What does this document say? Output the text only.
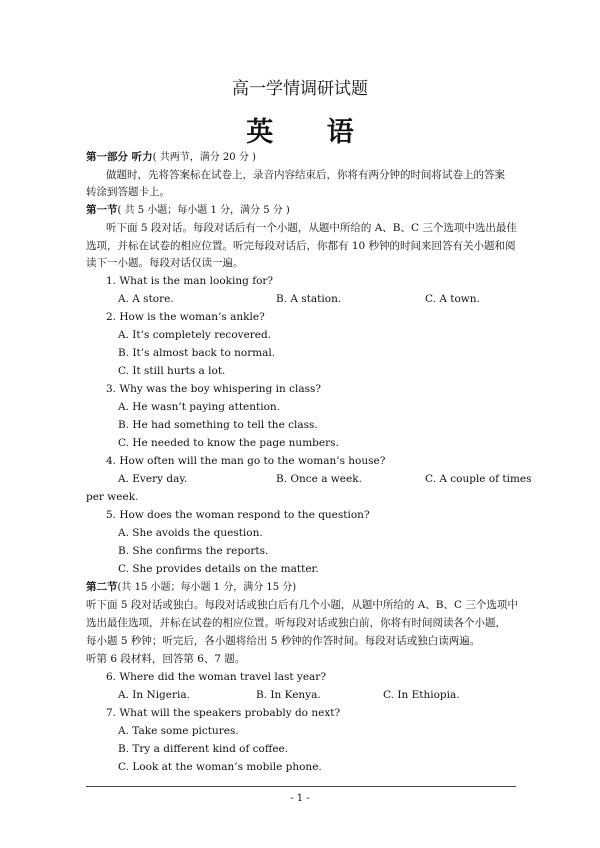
高一学情调研试题
英 语
第一部分 听力( 共两节，满分 20 分 )
做题时，先将答案标在试卷上，录音内容结束后，你将有两分钟的时间将试卷上的答案
转涂到答题卡上。
第一节( 共 5 小题；每小题 1 分，满分 5 分 )
听下面 5 段对话。每段对话后有一个小题，从题中所给的 A、B、C 三个选项中选出最佳
选项，并标在试卷的相应位置。听完每段对话后，你都有 10 秒钟的时间来回答有关小题和阅
读下一小题。每段对话仅读一遍。
1. What is the man looking for?
A. A store.	B. A station.	C. A town.
2. How is the woman’s ankle?
A. It’s completely recovered.
B. It’s almost back to normal.
C. It still hurts a lot.
3. Why was the boy whispering in class?
A. He wasn’t paying attention.
B. He had something to tell the class.
C. He needed to know the page numbers.
4. How often will the man go to the woman’s house?
A. Every day.	B. Once a week.	C. A couple of times
per week.
5. How does the woman respond to the question?
A. She avoids the question.
B. She confirms the reports.
C. She provides details on the matter.
第二节(共 15 小题；每小题 1 分，满分 15 分)
听下面 5 段对话或独白。每段对话或独白后有几个小题，从题中所给的 A、B、C 三个选项中
选出最佳选项，并标在试卷的相应位置。听每段对话或独白前，你将有时间阅读各个小题，
每小题 5 秒钟；听完后，各小题将给出 5 秒钟的作答时间。每段对话或独白读两遍。
听第 6 段材料，回答第 6、7 题。
6. Where did the woman travel last year?
A. In Nigeria.	B. In Kenya.	C. In Ethiopia.
7. What will the speakers probably do next?
A. Take some pictures.
B. Try a different kind of coffee.
C. Look at the woman’s mobile phone.
- 1 -
